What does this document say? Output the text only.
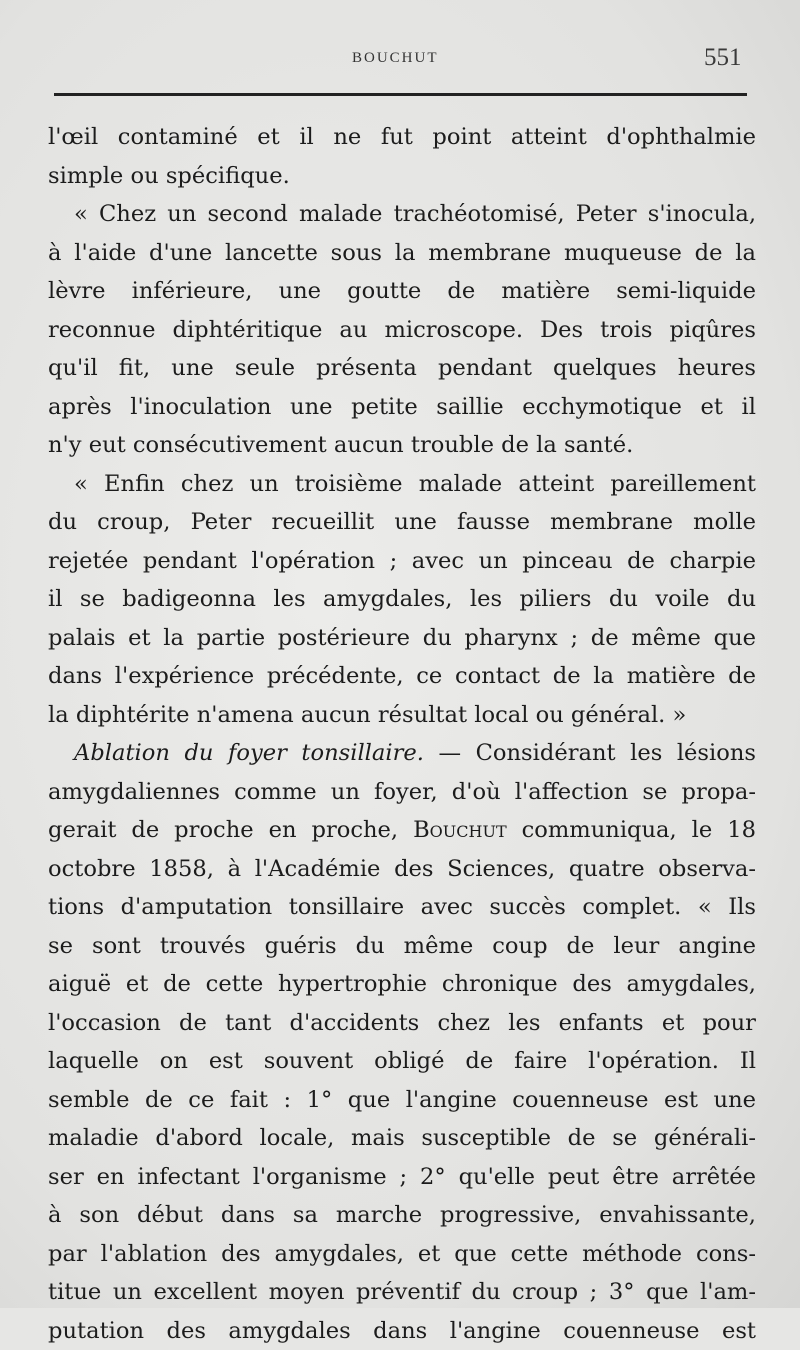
BOUCHUT	551
l'œil contaminé et il ne fut point atteint d'ophthalmie
simple ou spécifique.
« Chez un second malade trachéotomisé, Peter s'inocula,
à l'aide d'une lancette sous la membrane muqueuse de la
lèvre inférieure, une goutte de matière semi-liquide
reconnue diphtéritique au microscope. Des trois piqûres
qu'il fit, une seule présenta pendant quelques heures
après l'inoculation une petite saillie ecchymotique et il
n'y eut consécutivement aucun trouble de la santé.
« Enfin chez un troisième malade atteint pareillement
du croup, Peter recueillit une fausse membrane molle
rejetée pendant l'opération ; avec un pinceau de charpie
il se badigeonna les amygdales, les piliers du voile du
palais et la partie postérieure du pharynx ; de même que
dans l'expérience précédente, ce contact de la matière de
la diphtérite n'amena aucun résultat local ou général. »
Ablation du foyer tonsillaire. — Considérant les lésions
amygdaliennes comme un foyer, d'où l'affection se propa-
gerait de proche en proche, Bouchut communiqua, le 18
octobre 1858, à l'Académie des Sciences, quatre observa-
tions d'amputation tonsillaire avec succès complet. « Ils
se sont trouvés guéris du même coup de leur angine
aiguë et de cette hypertrophie chronique des amygdales,
l'occasion de tant d'accidents chez les enfants et pour
laquelle on est souvent obligé de faire l'opération. Il
semble de ce fait : 1° que l'angine couenneuse est une
maladie d'abord locale, mais susceptible de se générali-
ser en infectant l'organisme ; 2° qu'elle peut être arrêtée
à son début dans sa marche progressive, envahissante,
par l'ablation des amygdales, et que cette méthode cons-
titue un excellent moyen préventif du croup ; 3° que l'am-
putation des amygdales dans l'angine couenneuse est
